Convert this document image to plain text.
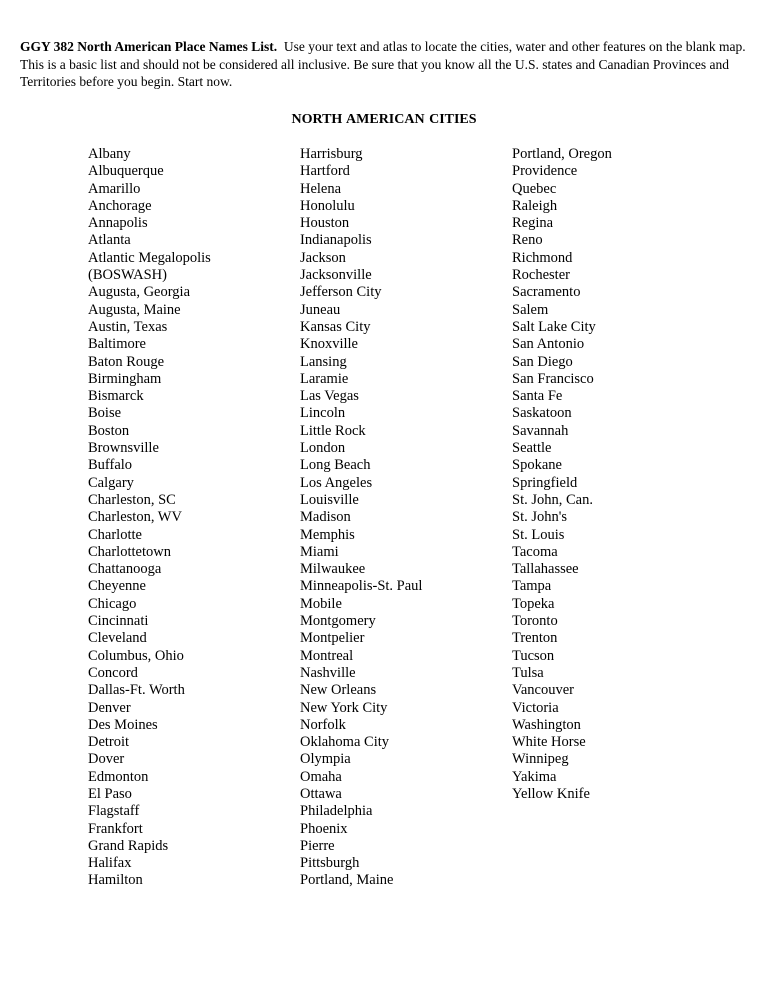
GGY 382 North American Place Names List. Use your text and atlas to locate the cities, water and other features on the blank map. This is a basic list and should not be considered all inclusive. Be sure that you know all the U.S. states and Canadian Provinces and Territories before you begin. Start now.
NORTH AMERICAN CITIES
Albany
Albuquerque
Amarillo
Anchorage
Annapolis
Atlanta
Atlantic Megalopolis
(BOSWASH)
Augusta, Georgia
Augusta, Maine
Austin, Texas
Baltimore
Baton Rouge
Birmingham
Bismarck
Boise
Boston
Brownsville
Buffalo
Calgary
Charleston, SC
Charleston, WV
Charlotte
Charlottetown
Chattanooga
Cheyenne
Chicago
Cincinnati
Cleveland
Columbus, Ohio
Concord
Dallas-Ft. Worth
Denver
Des Moines
Detroit
Dover
Edmonton
El Paso
Flagstaff
Frankfort
Grand Rapids
Halifax
Hamilton
Harrisburg
Hartford
Helena
Honolulu
Houston
Indianapolis
Jackson
Jacksonville
Jefferson City
Juneau
Kansas City
Knoxville
Lansing
Laramie
Las Vegas
Lincoln
Little Rock
London
Long Beach
Los Angeles
Louisville
Madison
Memphis
Miami
Milwaukee
Minneapolis-St. Paul
Mobile
Montgomery
Montpelier
Montreal
Nashville
New Orleans
New York City
Norfolk
Oklahoma City
Olympia
Omaha
Ottawa
Philadelphia
Phoenix
Pierre
Pittsburgh
Portland, Maine
Portland, Oregon
Providence
Quebec
Raleigh
Regina
Reno
Richmond
Rochester
Sacramento
Salem
Salt Lake City
San Antonio
San Diego
San Francisco
Santa Fe
Saskatoon
Savannah
Seattle
Spokane
Springfield
St. John, Can.
St. John's
St. Louis
Tacoma
Tallahassee
Tampa
Topeka
Toronto
Trenton
Tucson
Tulsa
Vancouver
Victoria
Washington
White Horse
Winnipeg
Yakima
Yellow Knife
